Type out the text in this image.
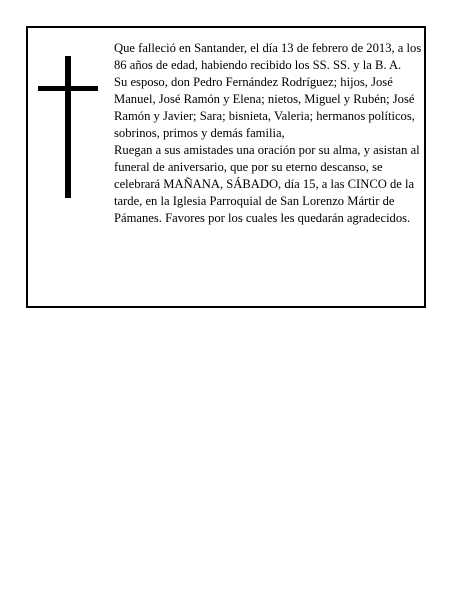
Que falleció en Santander, el día 13 de febrero de 2013, a los 86 años de edad, habiendo recibido los SS. SS. y la B. A.

Su esposo, don Pedro Fernández Rodríguez; hijos, José Manuel, José Ramón y Elena; nietos, Miguel y Rubén; José Ramón y Javier; Sara; bisnieta, Valeria; hermanos políticos, sobrinos, primos y demás familia,

Ruegan a sus amistades una oración por su alma, y asistan al funeral de aniversario, que por su eterno descanso, se celebrará MAÑANA, SÁBADO, día 15, a las CINCO de la tarde, en la Iglesia Parroquial de San Lorenzo Mártir de Pámanes. Favores por los cuales les quedarán agradecidos.
